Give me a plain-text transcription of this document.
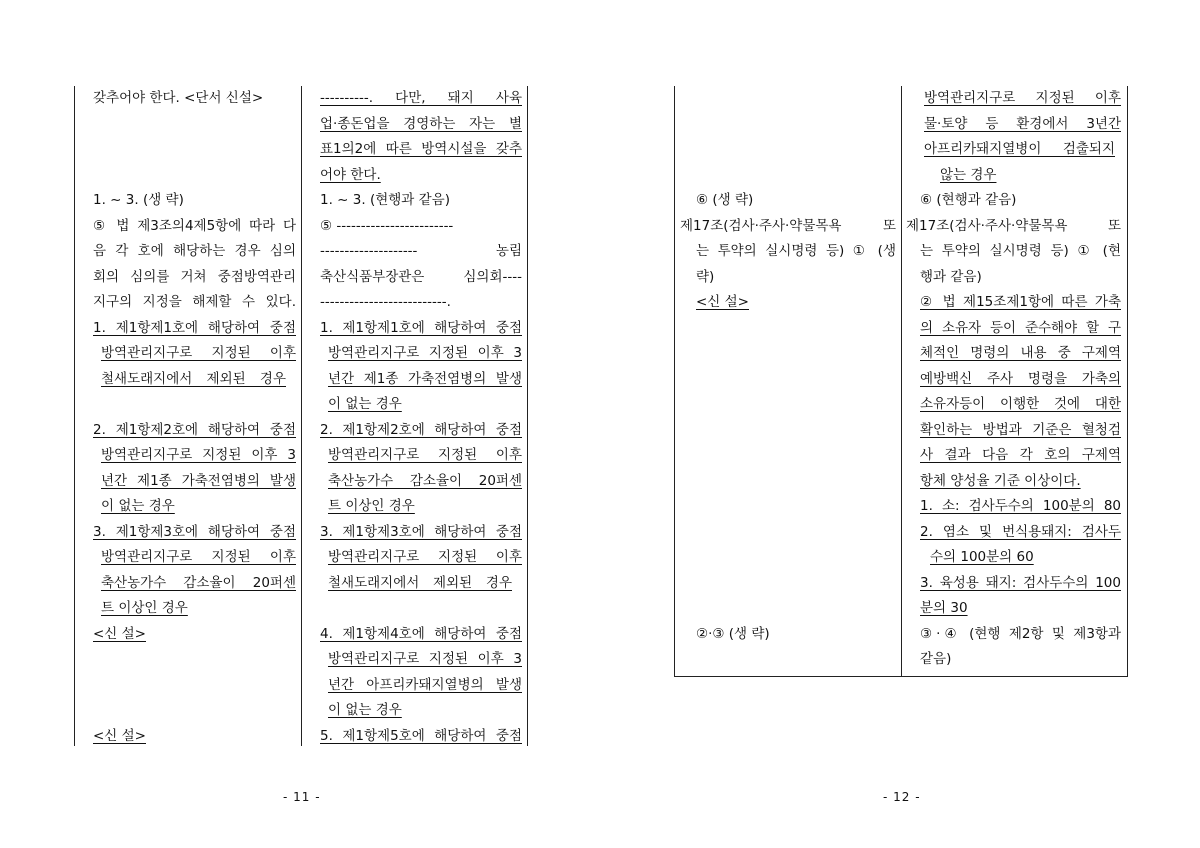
갖추어야 한다. <단서 신설>
1. ~ 3. (생 략)
⑤ 법 제3조의4제5항에 따라 다
음 각 호에 해당하는 경우 심의
회의 심의를 거쳐 중점방역관리
지구의 지정을 해제할 수 있다.
1. 제1항제1호에 해당하여 중점
방역관리지구로 지정된 이후
철새도래지에서 제외된 경우
2. 제1항제2호에 해당하여 중점
방역관리지구로 지정된 이후 3
년간 제1종 가축전염병의 발생
이 없는 경우
3. 제1항제3호에 해당하여 중점
방역관리지구로 지정된 이후
축산농가수 감소율이 20퍼센
트 이상인 경우
<신 설>
<신 설>
----------. 다만, 돼지 사육
업·종돈업을 경영하는 자는 별
표1의2에 따른 방역시설을 갖추
어야 한다.
1. ~ 3. (현행과 같음)
⑤ ------------------------
-------------------- 농림
축산식품부장관은 심의회----
--------------------------.
1. 제1항제1호에 해당하여 중점
방역관리지구로 지정된 이후 3
년간 제1종 가축전염병의 발생
이 없는 경우
2. 제1항제2호에 해당하여 중점
방역관리지구로 지정된 이후
축산농가수 감소율이 20퍼센
트 이상인 경우
3. 제1항제3호에 해당하여 중점
방역관리지구로 지정된 이후
철새도래지에서 제외된 경우
4. 제1항제4호에 해당하여 중점
방역관리지구로 지정된 이후 3
년간 아프리카돼지열병의 발생
이 없는 경우
5. 제1항제5호에 해당하여 중점
- 11 -
⑥ (생 략)
제17조(검사·주사·약물목욕 또
는 투약의 실시명령 등) ① (생
략)
<신 설>
②·③ (생 략)
방역관리지구로 지정된 이후
물·토양 등 환경에서 3년간
아프리카돼지열병이 검출되지
않는 경우
⑥ (현행과 같음)
제17조(검사·주사·약물목욕 또
는 투약의 실시명령 등) ① (현
행과 같음)
② 법 제15조제1항에 따른 가축
의 소유자 등이 준수해야 할 구
체적인 명령의 내용 중 구제역
예방백신 주사 명령을 가축의
소유자등이 이행한 것에 대한
확인하는 방법과 기준은 혈청검
사 결과 다음 각 호의 구제역
항체 양성율 기준 이상이다.
1. 소: 검사두수의 100분의 80
2. 염소 및 번식용돼지: 검사두
수의 100분의 60
3. 육성용 돼지: 검사두수의 100
분의 30
③·④ (현행 제2항 및 제3항과
같음)
- 12 -
